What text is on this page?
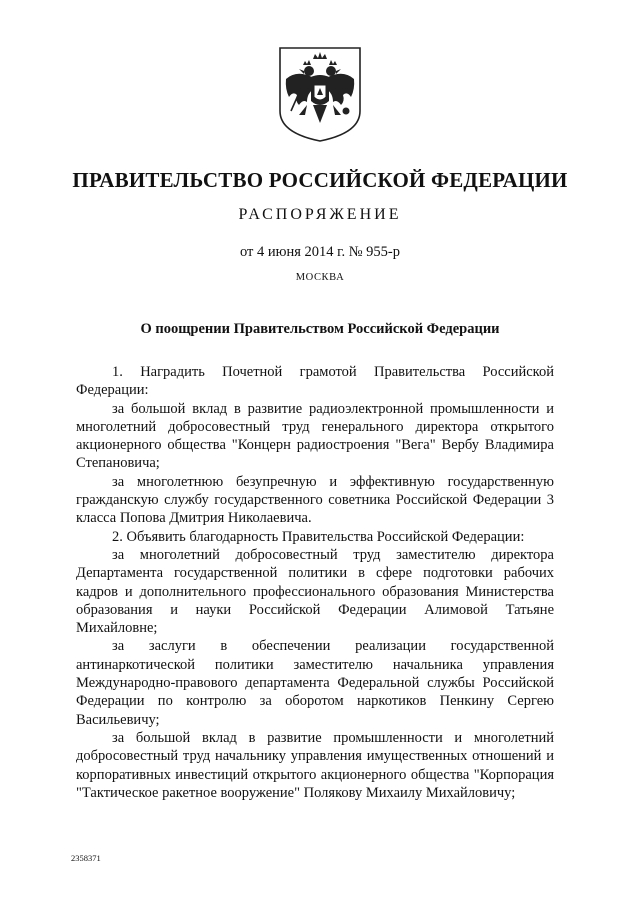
ПРАВИТЕЛЬСТВО РОССИЙСКОЙ ФЕДЕРАЦИИ
РАСПОРЯЖЕНИЕ
от 4 июня 2014 г. № 955-р
МОСКВА
О поощрении Правительством Российской Федерации

1. Наградить Почетной грамотой Правительства Российской Федерации:

за большой вклад в развитие радиоэлектронной промышленности и многолетний добросовестный труд генерального директора открытого акционерного общества "Концерн радиостроения "Вега" Вербу Владимира Степановича;

за многолетнюю безупречную и эффективную государственную гражданскую службу государственного советника Российской Федерации 3 класса Попова Дмитрия Николаевича.

2. Объявить благодарность Правительства Российской Федерации:

за многолетний добросовестный труд заместителю директора Департамента государственной политики в сфере подготовки рабочих кадров и дополнительного профессионального образования Министерства образования и науки Российской Федерации Алимовой Татьяне Михайловне;

за заслуги в обеспечении реализации государственной антинаркотической политики заместителю начальника управления Международно-правового департамента Федеральной службы Российской Федерации по контролю за оборотом наркотиков Пенкину Сергею Васильевичу;

за большой вклад в развитие промышленности и многолетний добросовестный труд начальнику управления имущественных отношений и корпоративных инвестиций открытого акционерного общества "Корпорация "Тактическое ракетное вооружение" Полякову Михаилу Михайловичу;

2358371
